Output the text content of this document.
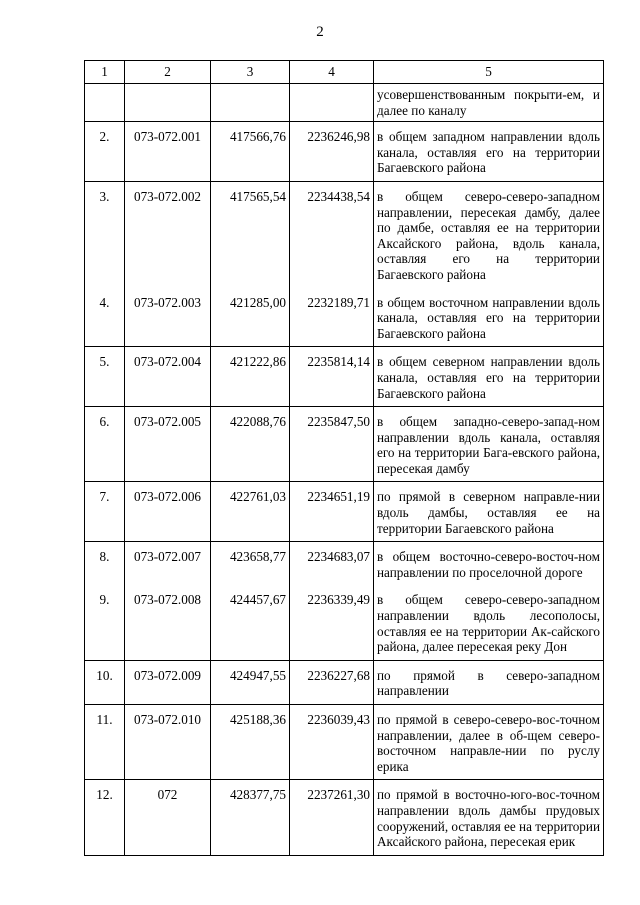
2
1	2	3	4	5
				усовершенствованным покрыти-ем, и далее по каналу
2.	073-072.001	417566,76	2236246,98	в общем западном направлении вдоль канала, оставляя его на территории Багаевского района
3.	073-072.002	417565,54	2234438,54	в общем северо-северо-западном направлении, пересекая дамбу, далее по дамбе, оставляя ее на территории Аксайского района, вдоль канала, оставляя его на территории Багаевского района
4.	073-072.003	421285,00	2232189,71	в общем восточном направлении вдоль канала, оставляя его на территории Багаевского района
5.	073-072.004	421222,86	2235814,14	в общем северном направлении вдоль канала, оставляя его на территории Багаевского района
6.	073-072.005	422088,76	2235847,50	в общем западно-северо-запад-ном направлении вдоль канала, оставляя его на территории Бага-евского района, пересекая дамбу
7.	073-072.006	422761,03	2234651,19	по прямой в северном направле-нии вдоль дамбы, оставляя ее на территории Багаевского района
8.	073-072.007	423658,77	2234683,07	в общем восточно-северо-восточ-ном направлении по проселочной дороге
9.	073-072.008	424457,67	2236339,49	в общем северо-северо-западном направлении вдоль лесополосы, оставляя ее на территории Ак-сайского района, далее пересекая реку Дон
10.	073-072.009	424947,55	2236227,68	по прямой в северо-западном направлении
11.	073-072.010	425188,36	2236039,43	по прямой в северо-северо-вос-точном направлении, далее в об-щем северо-восточном направле-нии по руслу ерика
12.	072	428377,75	2237261,30	по прямой в восточно-юго-вос-точном направлении вдоль дамбы прудовых сооружений, оставляя ее на территории Аксайского района, пересекая ерик
